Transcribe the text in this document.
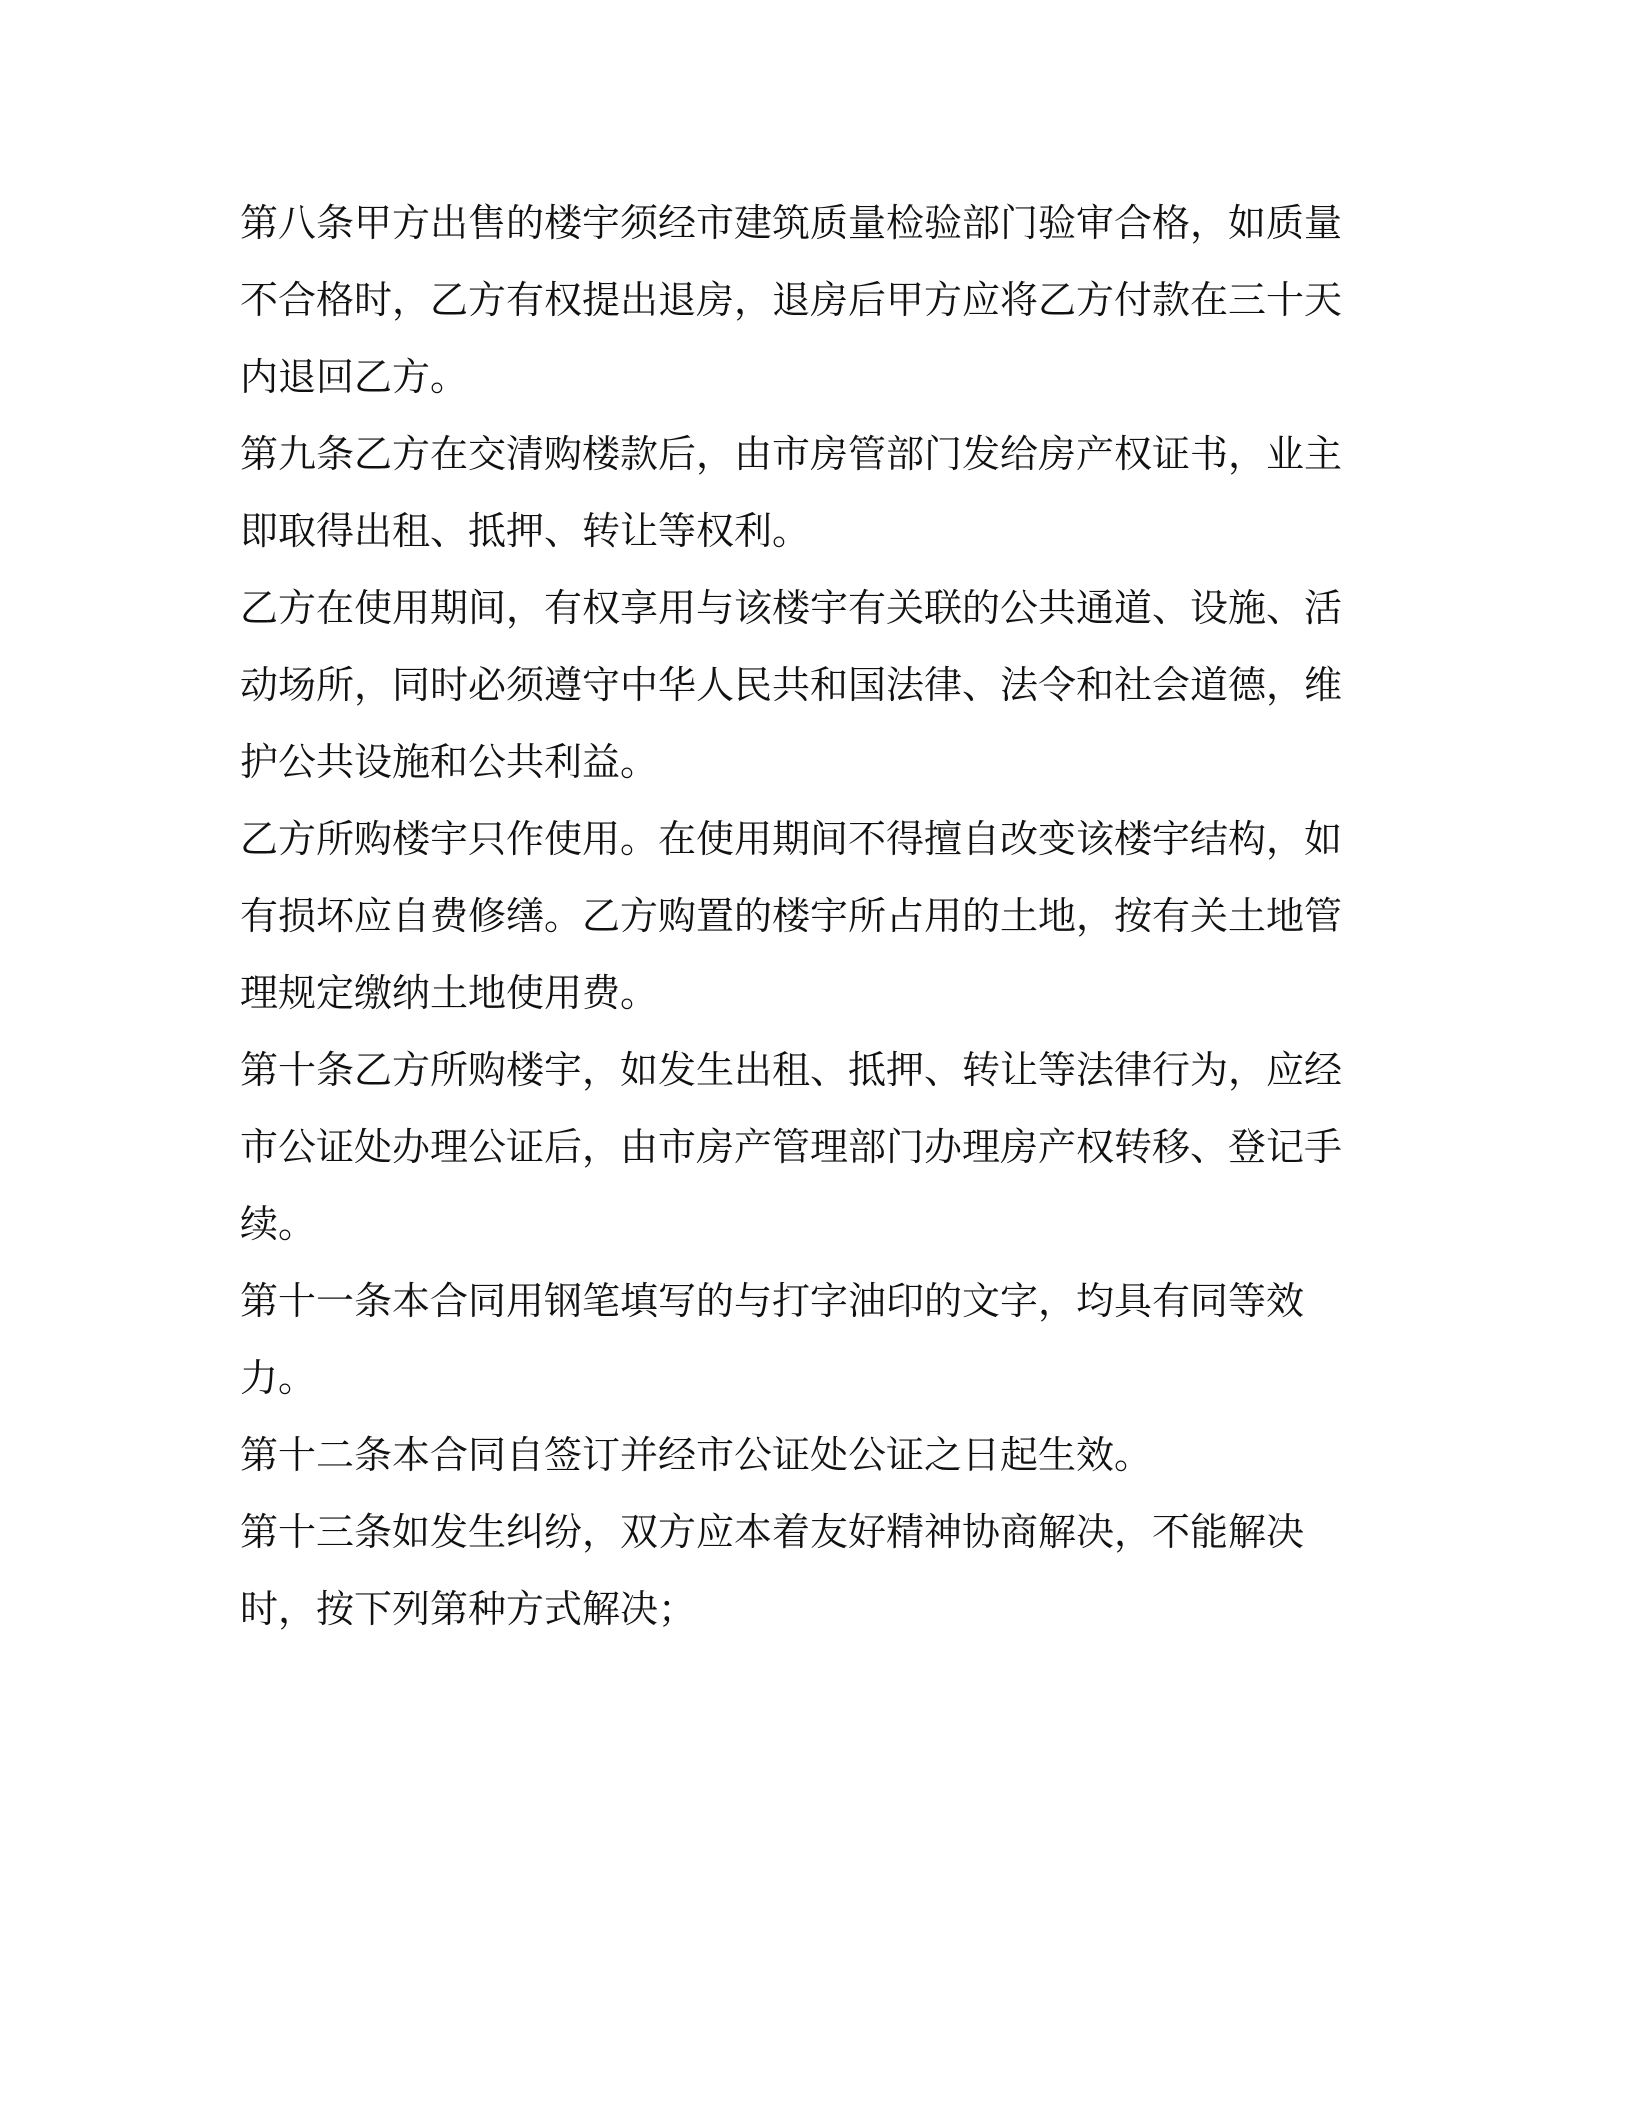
第八条甲方出售的楼宇须经市建筑质量检验部门验审合格，如质量不合格时，乙方有权提出退房，退房后甲方应将乙方付款在三十天内退回乙方。

第九条乙方在交清购楼款后，由市房管部门发给房产权证书，业主即取得出租、抵押、转让等权利。

乙方在使用期间，有权享用与该楼宇有关联的公共通道、设施、活动场所，同时必须遵守中华人民共和国法律、法令和社会道德，维护公共设施和公共利益。

乙方所购楼宇只作使用。在使用期间不得擅自改变该楼宇结构，如有损坏应自费修缮。乙方购置的楼宇所占用的土地，按有关土地管理规定缴纳土地使用费。

第十条乙方所购楼宇，如发生出租、抵押、转让等法律行为，应经市公证处办理公证后，由市房产管理部门办理房产权转移、登记手续。

第十一条本合同用钢笔填写的与打字油印的文字，均具有同等效力。

第十二条本合同自签订并经市公证处公证之日起生效。

第十三条如发生纠纷，双方应本着友好精神协商解决，不能解决时，按下列第种方式解决；
